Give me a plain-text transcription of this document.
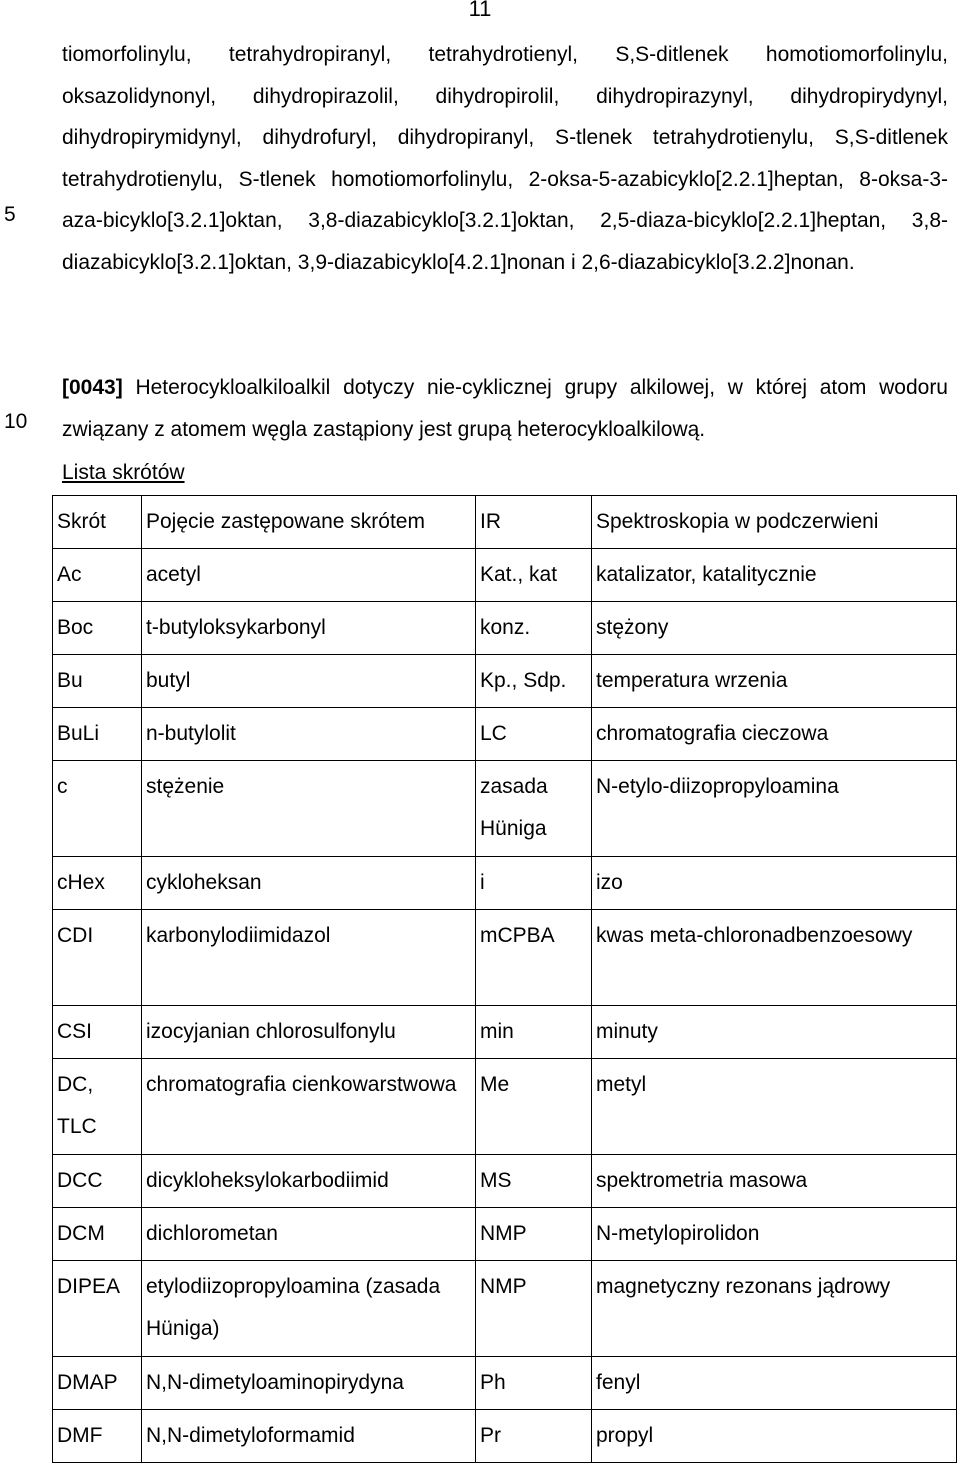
11
5
10
tiomorfolinylu, tetrahydropiranyl, tetrahydrotienyl, S,S-ditlenek homotiomorfolinylu, oksazolidynonyl, dihydropirazolil, dihydropirolil, dihydropirazynyl, dihydropirydynyl, dihydropirymidynyl, dihydrofuryl, dihydropiranyl, S-tlenek tetrahydrotienylu, S,S-ditlenek tetrahydrotienylu, S-tlenek homotiomorfolinylu, 2-oksa-5-azabicyklo[2.2.1]heptan, 8-oksa-3-aza-bicyklo[3.2.1]oktan, 3,8-diazabicyklo[3.2.1]oktan, 2,5-diaza-bicyklo[2.2.1]heptan, 3,8-diazabicyklo[3.2.1]oktan, 3,9-diazabicyklo[4.2.1]nonan i 2,6-diazabicyklo[3.2.2]nonan.
[0043] Heterocykloalkiloalkil dotyczy nie-cyklicznej grupy alkilowej, w której atom wodoru związany z atomem węgla zastąpiony jest grupą heterocykloalkilową.
Lista skrótów
Skrót	Pojęcie zastępowane skrótem	IR	Spektroskopia w podczerwieni
Ac	acetyl	Kat., kat	katalizator, katalitycznie
Boc	t-butyloksykarbonyl	konz.	stężony
Bu	butyl	Kp., Sdp.	temperatura wrzenia
BuLi	n-butylolit	LC	chromatografia cieczowa
c	stężenie	zasada Hüniga	N-etylo-diizopropyloamina
cHex	cykloheksan	i	izo
CDI	karbonylodiimidazol	mCPBA	kwas meta-chloronadbenzoesowy
CSI	izocyjanian chlorosulfonylu	min	minuty
DC, TLC	chromatografia cienkowarstwowa	Me	metyl
DCC	dicykloheksylokarbodiimid	MS	spektrometria masowa
DCM	dichlorometan	NMP	N-metylopirolidon
DIPEA	etylodiizopropyloamina (zasada Hüniga)	NMP	magnetyczny rezonans jądrowy
DMAP	N,N-dimetyloaminopirydyna	Ph	fenyl
DMF	N,N-dimetyloformamid	Pr	propyl
